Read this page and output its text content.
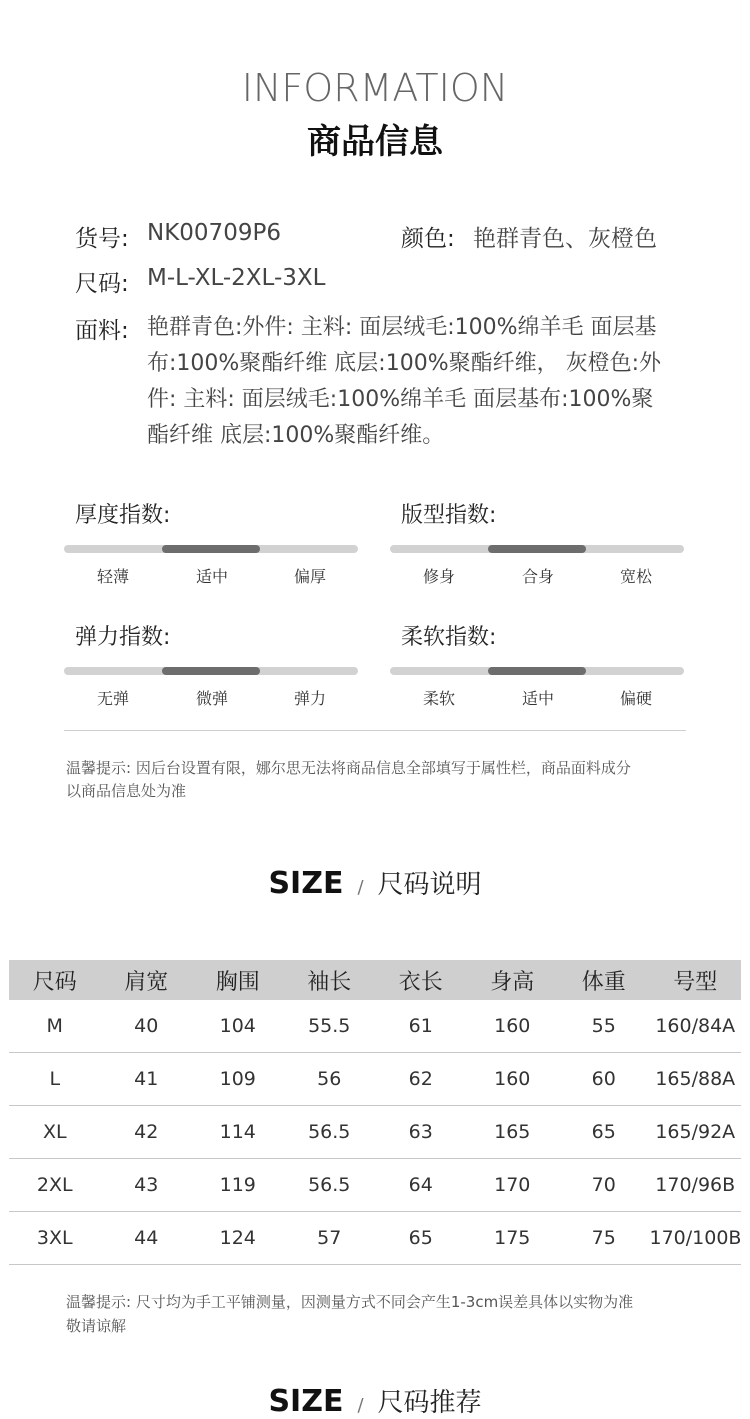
INFORMATION
商品信息
货号: NK00709P6	颜色: 艳群青色、灰橙色
尺码: M-L-XL-2XL-3XL
面料: 艳群青色:外件: 主料: 面层绒毛:100%绵羊毛 面层基布:100%聚酯纤维 底层:100%聚酯纤维， 灰橙色:外件: 主料: 面层绒毛:100%绵羊毛 面层基布:100%聚酯纤维 底层:100%聚酯纤维。
厚度指数:
轻薄	适中	偏厚
版型指数:
修身	合身	宽松
弹力指数:
无弹	微弹	弹力
柔软指数:
柔软	适中	偏硬
温馨提示: 因后台设置有限，娜尔思无法将商品信息全部填写于属性栏，商品面料成分
以商品信息处为准
SIZE / 尺码说明
尺码	肩宽	胸围	袖长	衣长	身高	体重	号型
M	40	104	55.5	61	160	55	160/84A
L	41	109	56	62	160	60	165/88A
XL	42	114	56.5	63	165	65	165/92A
2XL	43	119	56.5	64	170	70	170/96B
3XL	44	124	57	65	175	75	170/100B
温馨提示: 尺寸均为手工平铺测量，因测量方式不同会产生1-3cm误差具体以实物为准
敬请谅解
SIZE / 尺码推荐
